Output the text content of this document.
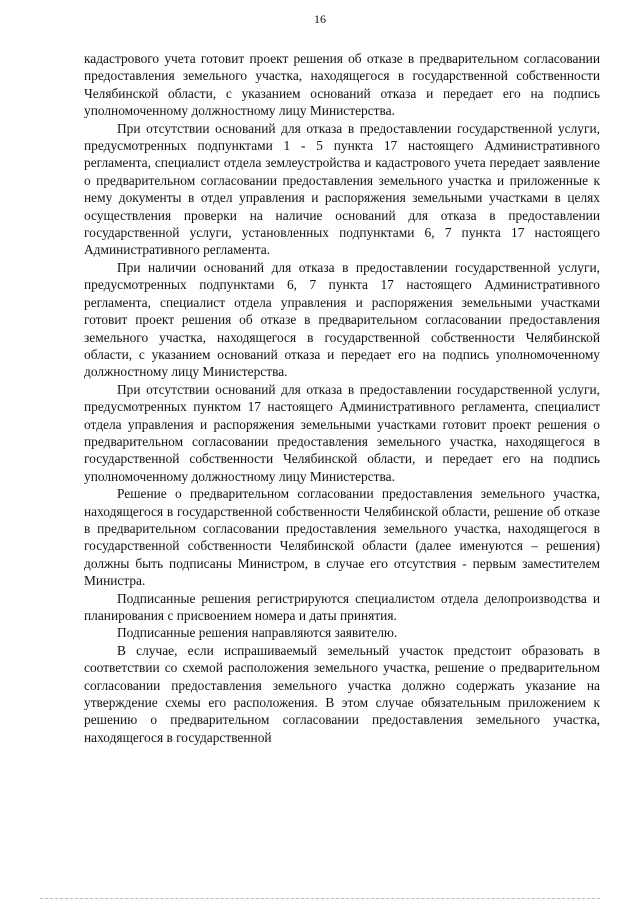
16

кадастрового учета готовит проект решения об отказе в предварительном согласовании предоставления земельного участка, находящегося в государственной собственности Челябинской области, с указанием оснований отказа и передает его на подпись уполномоченному должностному лицу Министерства.

При отсутствии оснований для отказа в предоставлении государственной услуги, предусмотренных подпунктами 1 - 5 пункта 17 настоящего Административного регламента, специалист отдела землеустройства и кадастрового учета передает заявление о предварительном согласовании предоставления земельного участка и приложенные к нему документы в отдел управления и распоряжения земельными участками в целях осуществления проверки на наличие оснований для отказа в предоставлении государственной услуги, установленных подпунктами 6, 7 пункта 17 настоящего Административного регламента.

При наличии оснований для отказа в предоставлении государственной услуги, предусмотренных подпунктами 6, 7 пункта 17 настоящего Административного регламента, специалист отдела управления и распоряжения земельными участками готовит проект решения об отказе в предварительном согласовании предоставления земельного участка, находящегося в государственной собственности Челябинской области, с указанием оснований отказа и передает его на подпись уполномоченному должностному лицу Министерства.

При отсутствии оснований для отказа в предоставлении государственной услуги, предусмотренных пунктом 17 настоящего Административного регламента, специалист отдела управления и распоряжения земельными участками готовит проект решения о предварительном согласовании предоставления земельного участка, находящегося в государственной собственности Челябинской области, и передает его на подпись уполномоченному должностному лицу Министерства.

Решение о предварительном согласовании предоставления земельного участка, находящегося в государственной собственности Челябинской области, решение об отказе в предварительном согласовании предоставления земельного участка, находящегося в государственной собственности Челябинской области (далее именуются – решения) должны быть подписаны Министром, в случае его отсутствия - первым заместителем Министра.

Подписанные решения регистрируются специалистом отдела делопроизводства и планирования с присвоением номера и даты принятия.

Подписанные решения направляются заявителю.

В случае, если испрашиваемый земельный участок предстоит образовать в соответствии со схемой расположения земельного участка, решение о предварительном согласовании предоставления земельного участка должно содержать указание на утверждение схемы его расположения. В этом случае обязательным приложением к решению о предварительном согласовании предоставления земельного участка, находящегося в государственной
